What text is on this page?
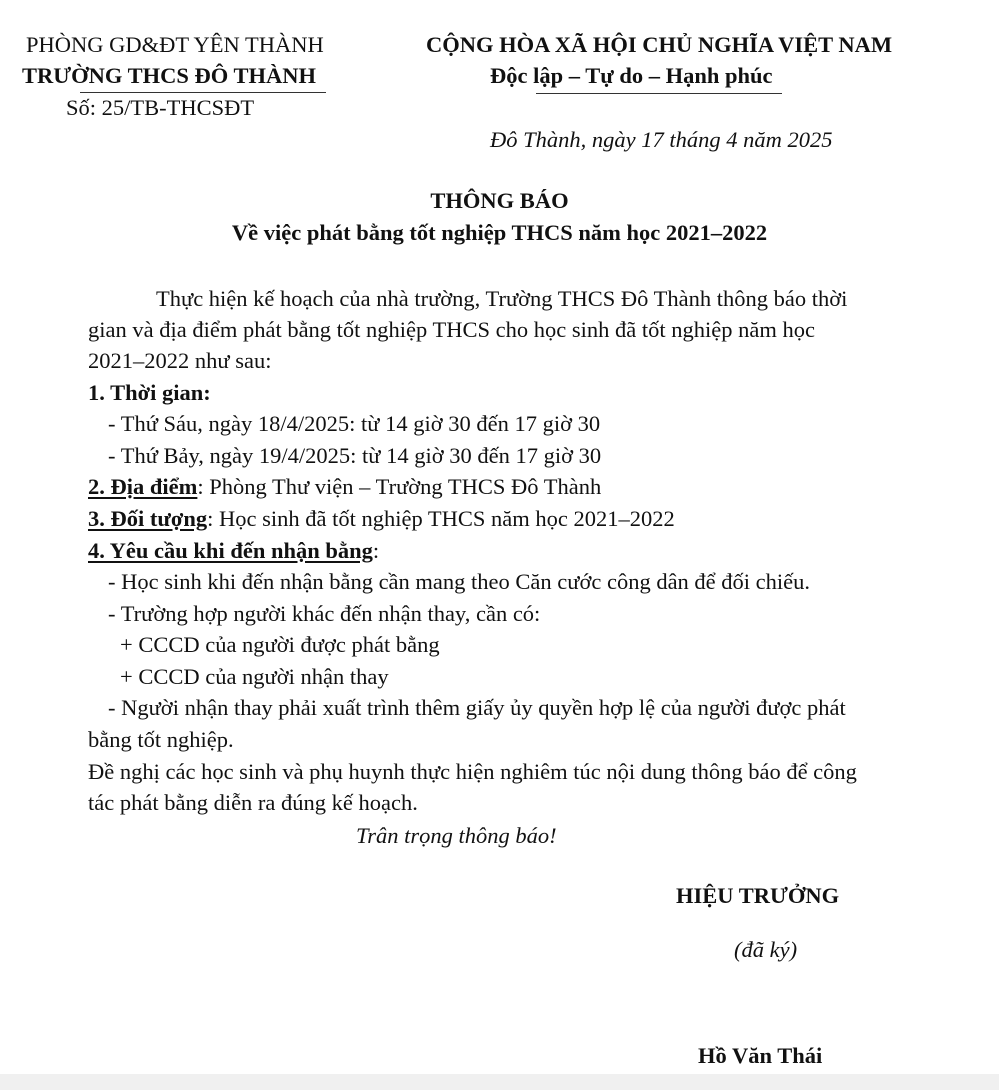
PHÒNG GD&ĐT YÊN THÀNH
TRƯỜNG THCS ĐÔ THÀNH
Số: 25/TB-THCSĐT
CỘNG HÒA XÃ HỘI CHỦ NGHĨA VIỆT NAM
Độc lập – Tự do – Hạnh phúc
Đô Thành, ngày 17 tháng 4 năm 2025
THÔNG BÁO
Về việc phát bằng tốt nghiệp THCS năm học 2021–2022
Thực hiện kế hoạch của nhà trường, Trường THCS Đô Thành thông báo thời
gian và địa điểm phát bằng tốt nghiệp THCS cho học sinh đã tốt nghiệp năm học
2021–2022 như sau:
1. Thời gian:
- Thứ Sáu, ngày 18/4/2025: từ 14 giờ 30 đến 17 giờ 30
- Thứ Bảy, ngày 19/4/2025: từ 14 giờ 30 đến 17 giờ 30
2. Địa điểm: Phòng Thư viện – Trường THCS Đô Thành
3. Đối tượng: Học sinh đã tốt nghiệp THCS năm học 2021–2022
4. Yêu cầu khi đến nhận bằng:
- Học sinh khi đến nhận bằng cần mang theo Căn cước công dân để đối chiếu.
- Trường hợp người khác đến nhận thay, cần có:
+ CCCD của người được phát bằng
+ CCCD của người nhận thay
- Người nhận thay phải xuất trình thêm giấy ủy quyền hợp lệ của người được phát
bằng tốt nghiệp.
Đề nghị các học sinh và phụ huynh thực hiện nghiêm túc nội dung thông báo để công
tác phát bằng diễn ra đúng kế hoạch.
Trân trọng thông báo!
HIỆU TRƯỞNG
(đã ký)
Hồ Văn Thái
